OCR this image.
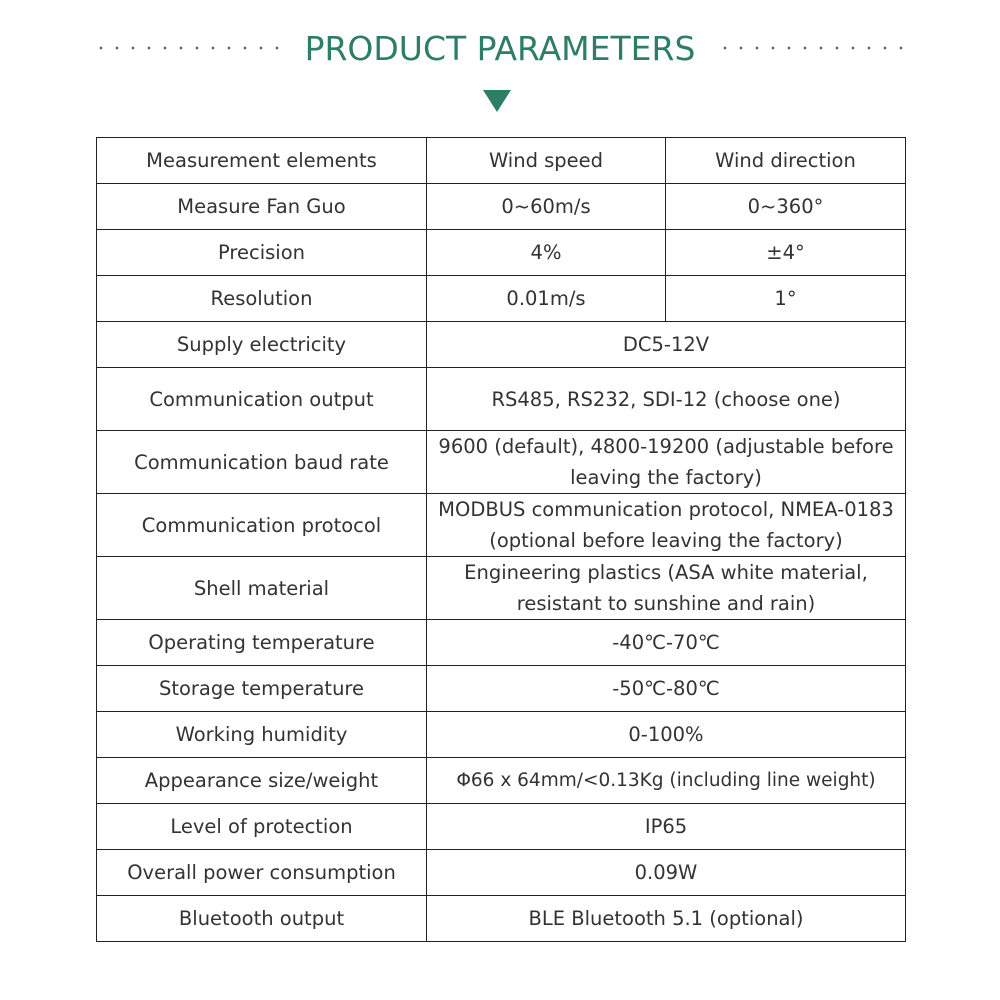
PRODUCT PARAMETERS
Measurement elements	Wind speed	Wind direction
Measure Fan Guo	0~60m/s	0~360°
Precision	4%	±4°
Resolution	0.01m/s	1°
Supply electricity	DC5-12V	
Communication output	RS485, RS232, SDI-12 (choose one)	
Communication baud rate	9600 (default), 4800-19200 (adjustable before leaving the factory)	
Communication protocol	MODBUS communication protocol, NMEA-0183 (optional before leaving the factory)	
Shell material	Engineering plastics (ASA white material, resistant to sunshine and rain)	
Operating temperature	-40℃-70℃	
Storage temperature	-50℃-80℃	
Working humidity	0-100%	
Appearance size/weight	Φ66 x 64mm/<0.13Kg (including line weight)	
Level of protection	IP65	
Overall power consumption	0.09W	
Bluetooth output	BLE Bluetooth 5.1 (optional)	
